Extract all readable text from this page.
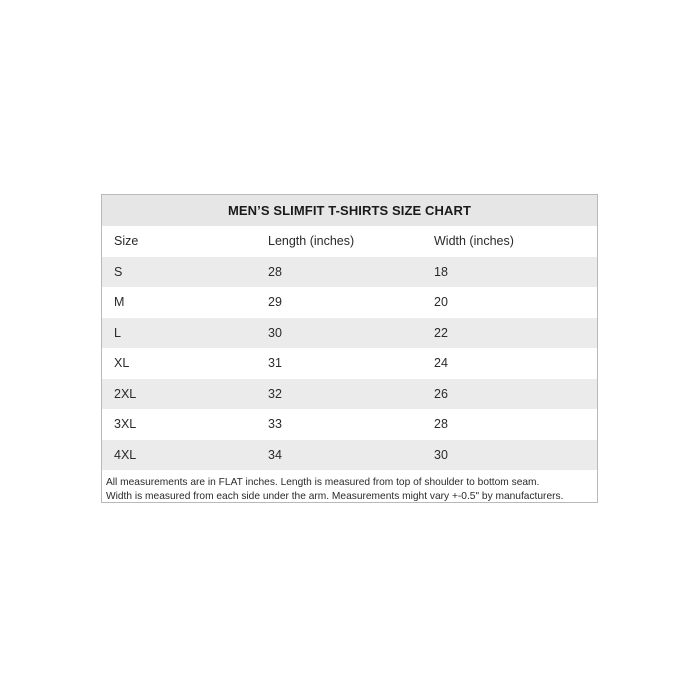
MEN’S SLIMFIT T-SHIRTS SIZE CHART
Size	Length (inches)	Width (inches)
S	28	18
M	29	20
L	30	22
XL	31	24
2XL	32	26
3XL	33	28
4XL	34	30

All measurements are in FLAT inches. Length is measured from top of shoulder to bottom seam.

Width is measured from each side under the arm. Measurements might vary +-0.5" by manufacturers.
